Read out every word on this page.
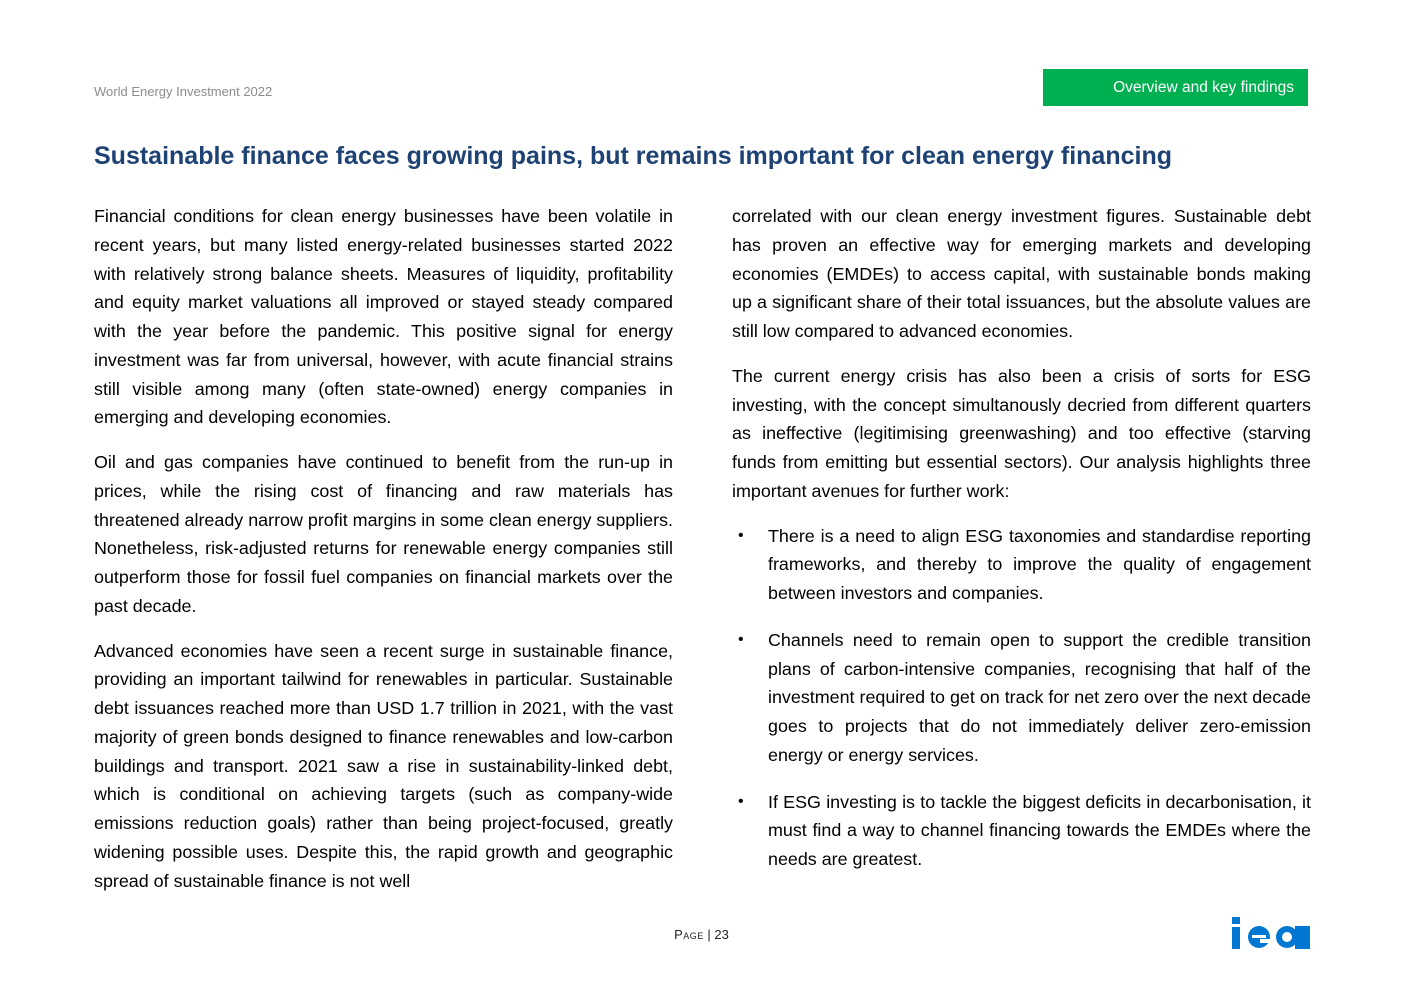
World Energy Investment 2022	Overview and key findings
Sustainable finance faces growing pains, but remains important for clean energy financing

Financial conditions for clean energy businesses have been volatile in recent years, but many listed energy-related businesses started 2022 with relatively strong balance sheets. Measures of liquidity, profitability and equity market valuations all improved or stayed steady compared with the year before the pandemic. This positive signal for energy investment was far from universal, however, with acute financial strains still visible among many (often state-owned) energy companies in emerging and developing economies.

Oil and gas companies have continued to benefit from the run-up in prices, while the rising cost of financing and raw materials has threatened already narrow profit margins in some clean energy suppliers. Nonetheless, risk-adjusted returns for renewable energy companies still outperform those for fossil fuel companies on financial markets over the past decade.

Advanced economies have seen a recent surge in sustainable finance, providing an important tailwind for renewables in particular. Sustainable debt issuances reached more than USD 1.7 trillion in 2021, with the vast majority of green bonds designed to finance renewables and low-carbon buildings and transport. 2021 saw a rise in sustainability-linked debt, which is conditional on achieving targets (such as company-wide emissions reduction goals) rather than being project-focused, greatly widening possible uses. Despite this, the rapid growth and geographic spread of sustainable finance is not well

correlated with our clean energy investment figures. Sustainable debt has proven an effective way for emerging markets and developing economies (EMDEs) to access capital, with sustainable bonds making up a significant share of their total issuances, but the absolute values are still low compared to advanced economies.

The current energy crisis has also been a crisis of sorts for ESG investing, with the concept simultanously decried from different quarters as ineffective (legitimising greenwashing) and too effective (starving funds from emitting but essential sectors). Our analysis highlights three important avenues for further work:

• There is a need to align ESG taxonomies and standardise reporting frameworks, and thereby to improve the quality of engagement between investors and companies.
• Channels need to remain open to support the credible transition plans of carbon-intensive companies, recognising that half of the investment required to get on track for net zero over the next decade goes to projects that do not immediately deliver zero-emission energy or energy services.
• If ESG investing is to tackle the biggest deficits in decarbonisation, it must find a way to channel financing towards the EMDEs where the needs are greatest.
Page | 23
